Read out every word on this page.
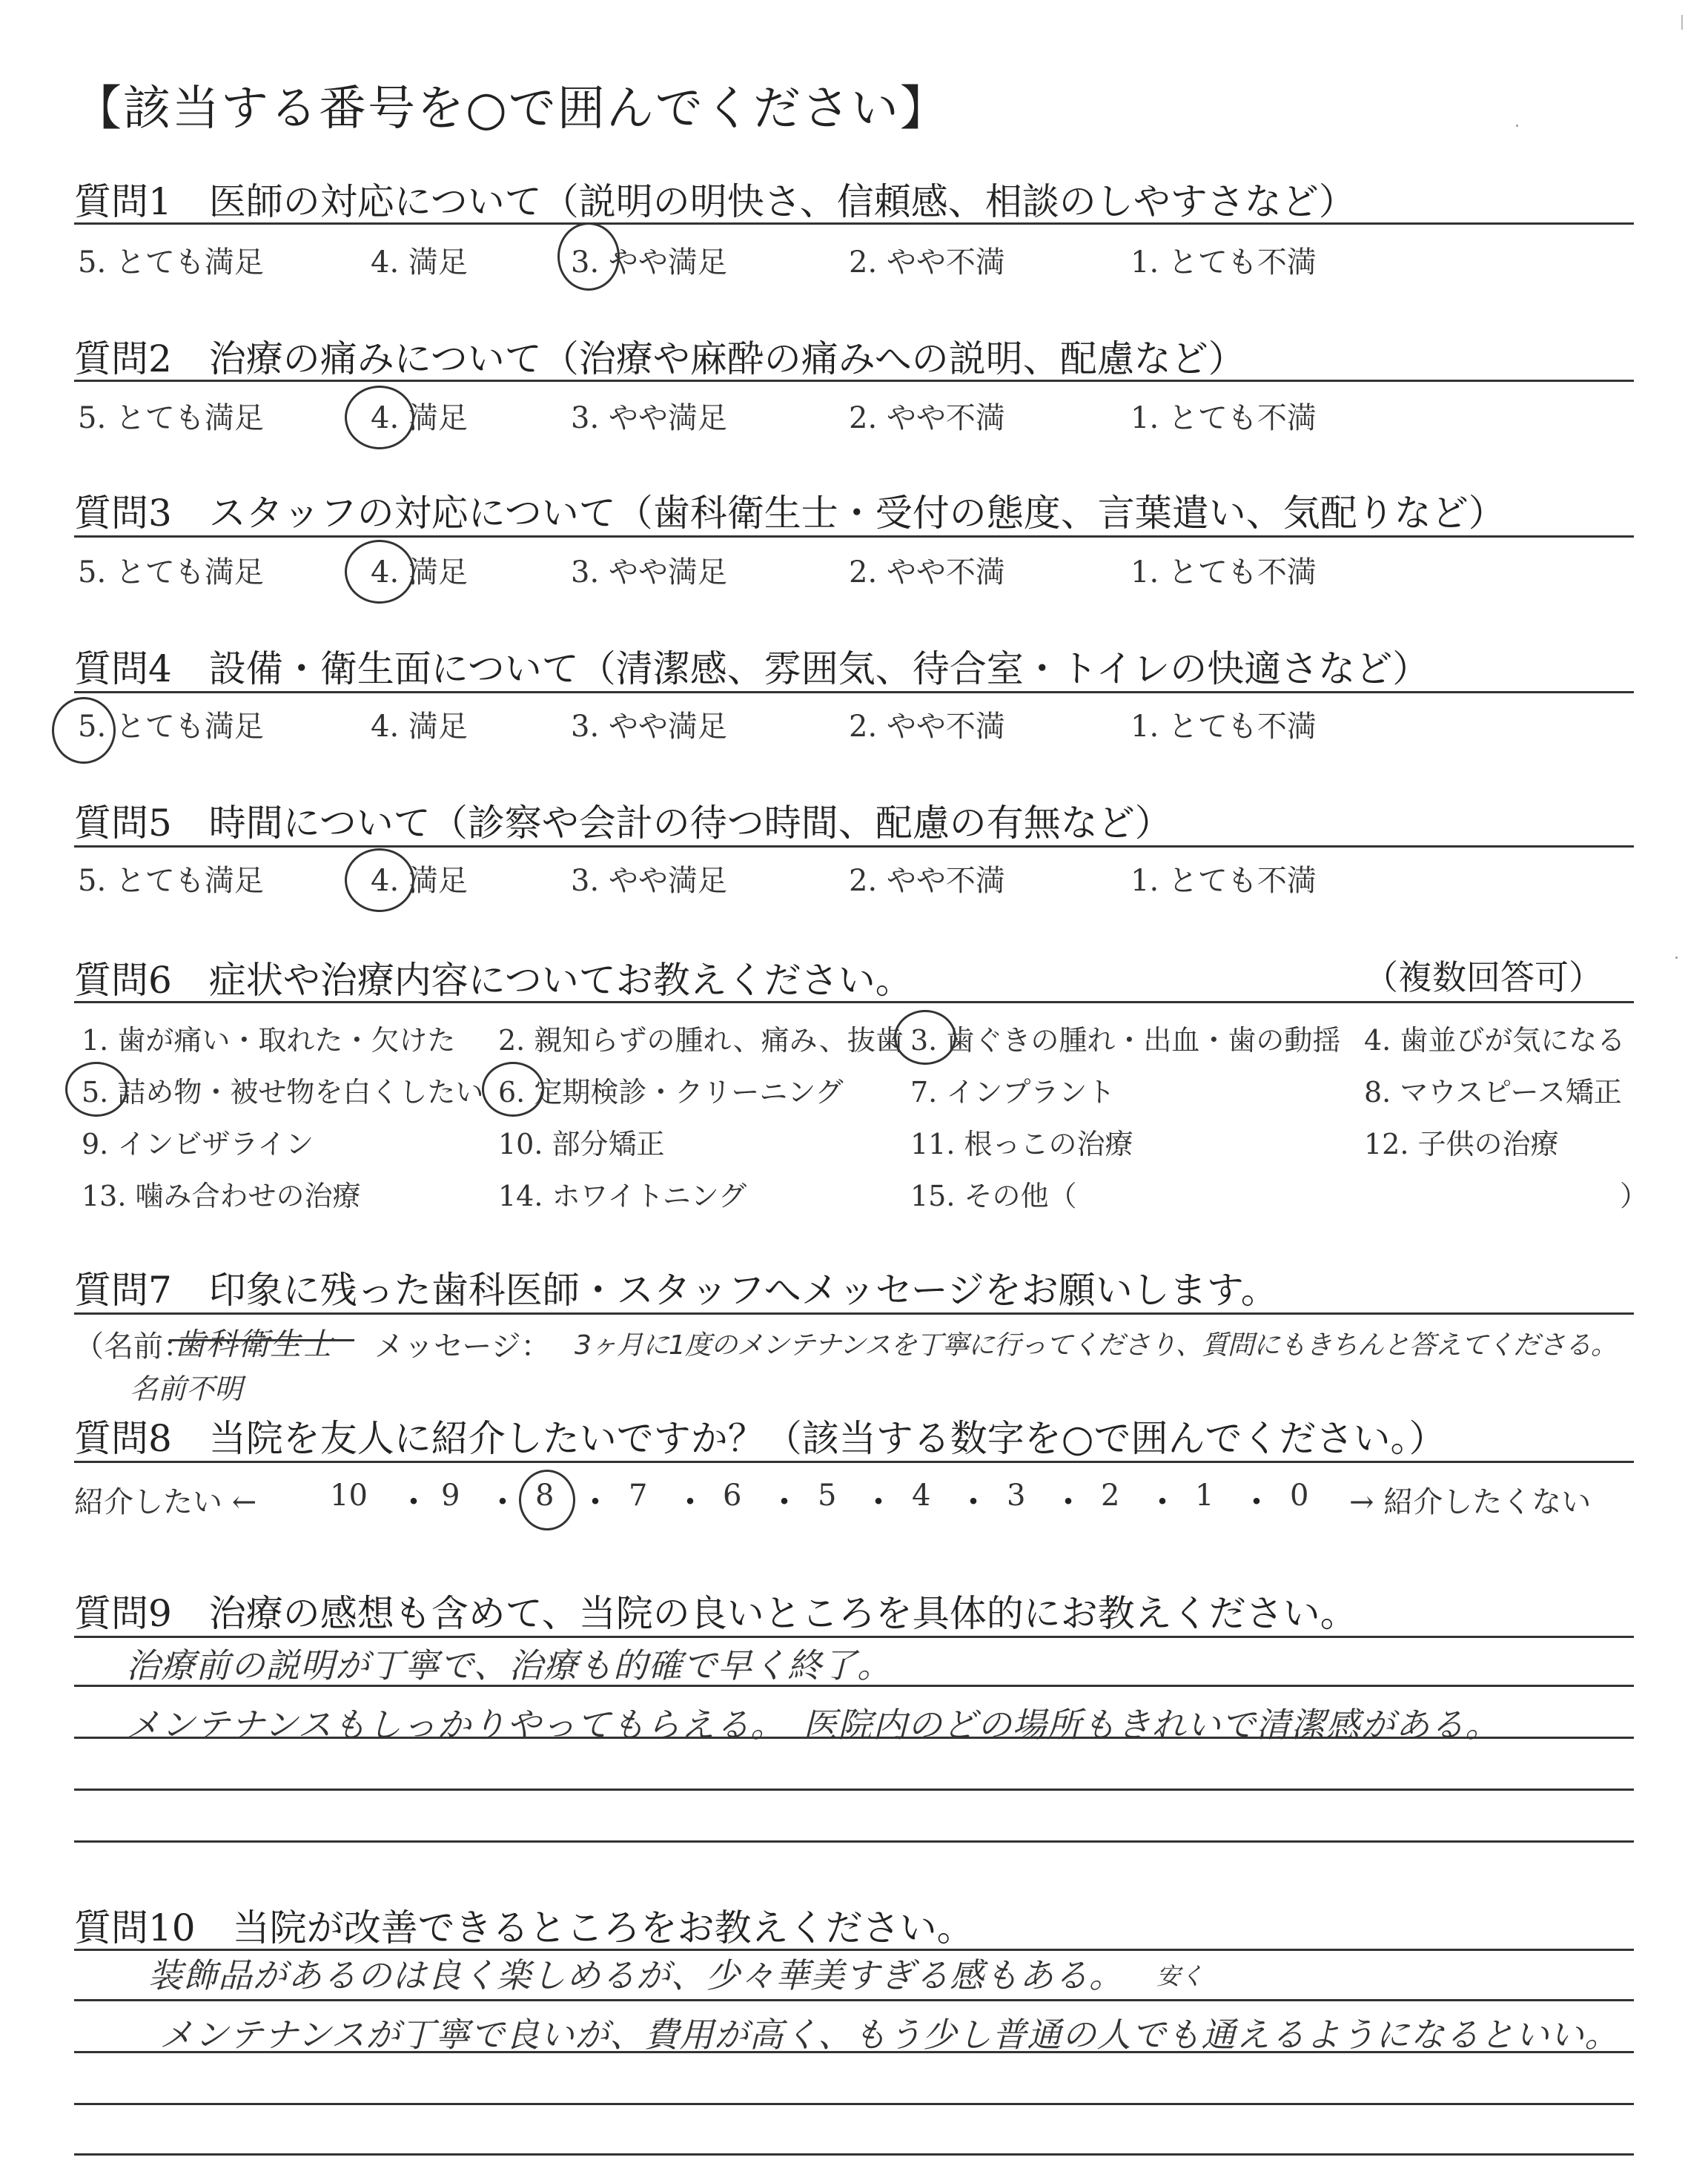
【該当する番号を○で囲んでください】
質問1　医師の対応について（説明の明快さ、信頼感、相談のしやすさなど）
5. とても満足	4. 満足	3. やや満足	2. やや不満	1. とても不満
質問2　治療の痛みについて（治療や麻酔の痛みへの説明、配慮など）
5. とても満足	4. 満足	3. やや満足	2. やや不満	1. とても不満
質問3　スタッフの対応について（歯科衛生士・受付の態度、言葉遣い、気配りなど）
5. とても満足	4. 満足	3. やや満足	2. やや不満	1. とても不満
質問4　設備・衛生面について（清潔感、雰囲気、待合室・トイレの快適さなど）
5. とても満足	4. 満足	3. やや満足	2. やや不満	1. とても不満
質問5　時間について（診察や会計の待つ時間、配慮の有無など）
5. とても満足	4. 満足	3. やや満足	2. やや不満	1. とても不満
質問6　症状や治療内容についてお教えください。	（複数回答可）
1. 歯が痛い・取れた・欠けた 2. 親知らずの腫れ、痛み、抜歯 3. 歯ぐきの腫れ・出血・歯の動揺 4. 歯並びが気になる
5. 詰め物・被せ物を白くしたい 6. 定期検診・クリーニング 7. インプラント	8. マウスピース矯正
9. インビザライン	10. 部分矯正	11. 根っこの治療	12. 子供の治療
13. 噛み合わせの治療	14. ホワイトニング	15. その他（	）
質問7　印象に残った歯科医師・スタッフへメッセージをお願いします。
（名前：
歯科衛生士
名前不明
メッセージ： 3ヶ月に1度のメンテナンスを丁寧に行ってくださり、質問にもきちんと答えてくださる。
質問8　当院を友人に紹介したいですか？（該当する数字を○で囲んでください。）
紹介したい ← 10 ・ 9 ・ 8 ・ 7 ・ 6 ・ 5 ・ 4 ・ 3 ・ 2 ・ 1 ・ 0 → 紹介したくない
質問9　治療の感想も含めて、当院の良いところを具体的にお教えください。
治療前の説明が丁寧で、治療も的確で早く終了。
メンテナンスもしっかりやってもらえる。　医院内のどの場所もきれいで清潔感がある。
質問10　当院が改善できるところをお教えください。
装飾品があるのは良く楽しめるが、少々華美すぎる感もある。 安く
メンテナンスが丁寧で良いが、費用が高く、もう少し普通の人でも通えるようになるといい。
